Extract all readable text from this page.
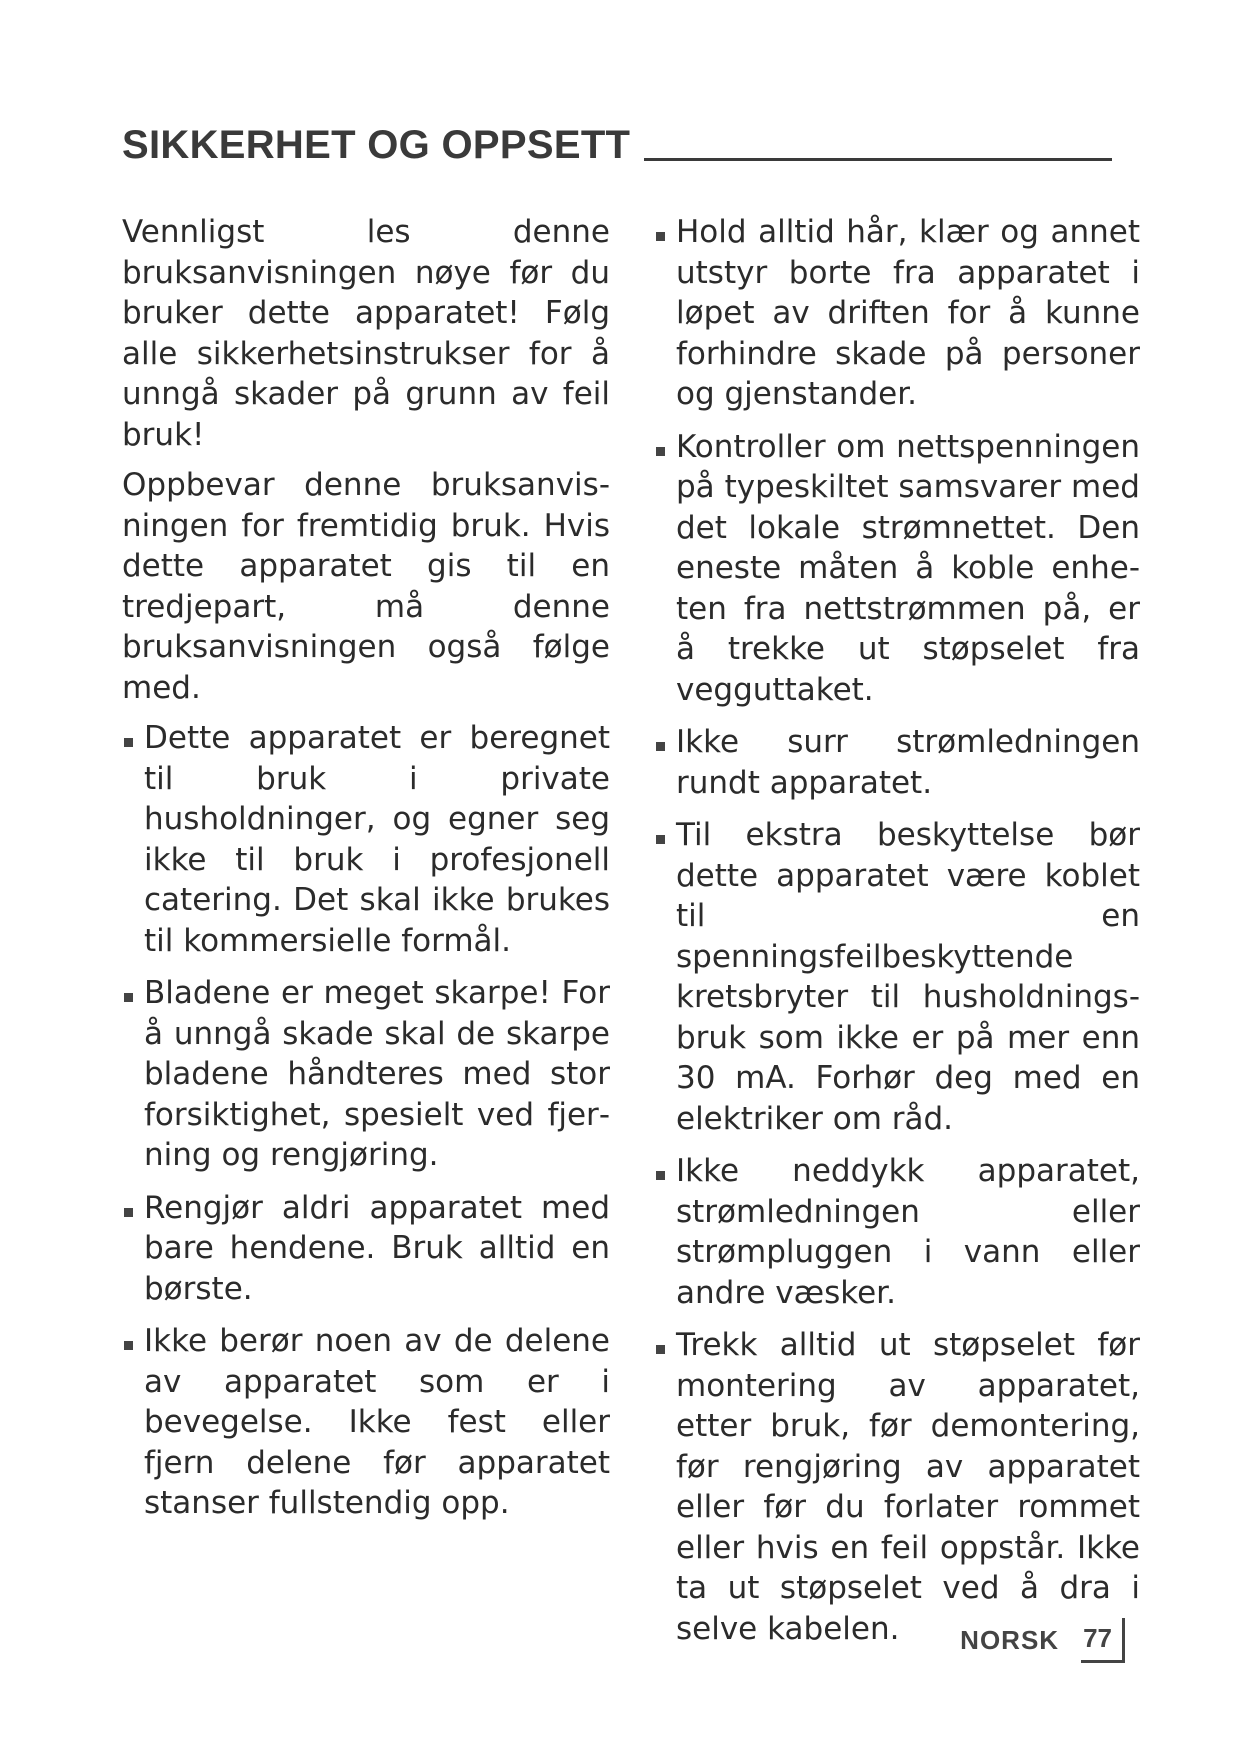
SIKKERHET OG OPPSETT

Vennligst les denne bruksanvisningen nøye før du bruker dette apparatet! Følg alle sikkerhetsinstrukser for å unngå skader på grunn av feil bruk!

Oppbevar denne bruksanvisningen for fremtidig bruk. Hvis dette apparatet gis til en tredjepart, må denne bruksanvisningen også følge med.

Dette apparatet er beregnet til bruk i private husholdninger, og egner seg ikke til bruk i profesjonell catering. Det skal ikke brukes til kommersielle formål.
Bladene er meget skarpe! For å unngå skade skal de skarpe bladene håndteres med stor forsiktighet, spesielt ved fjerning og rengjøring.
Rengjør aldri apparatet med bare hendene. Bruk alltid en børste.
Ikke berør noen av de delene av apparatet som er i bevegelse. Ikke fest eller fjern delene før apparatet stanser fullstendig opp.
Hold alltid hår, klær og annet utstyr borte fra apparatet i løpet av driften for å kunne forhindre skade på personer og gjenstander.
Kontroller om nettspenningen på typeskiltet samsvarer med det lokale strømnettet. Den eneste måten å koble enheten fra nettstrømmen på, er å trekke ut støpselet fra vegguttaket.
Ikke surr strømledningen rundt apparatet.
Til ekstra beskyttelse bør dette apparatet være koblet til en spenningsfeilbeskyttende kretsbryter til husholdningsbruk som ikke er på mer enn 30 mA. Forhør deg med en elektriker om råd.
Ikke neddykk apparatet, strømledningen eller strømpluggen i vann eller andre væsker.
Trekk alltid ut støpselet før montering av apparatet, etter bruk, før demontering, før rengjøring av apparatet eller før du forlater rommet eller hvis en feil oppstår. Ikke ta ut støpselet ved å dra i selve kabelen.	NORSK 77
